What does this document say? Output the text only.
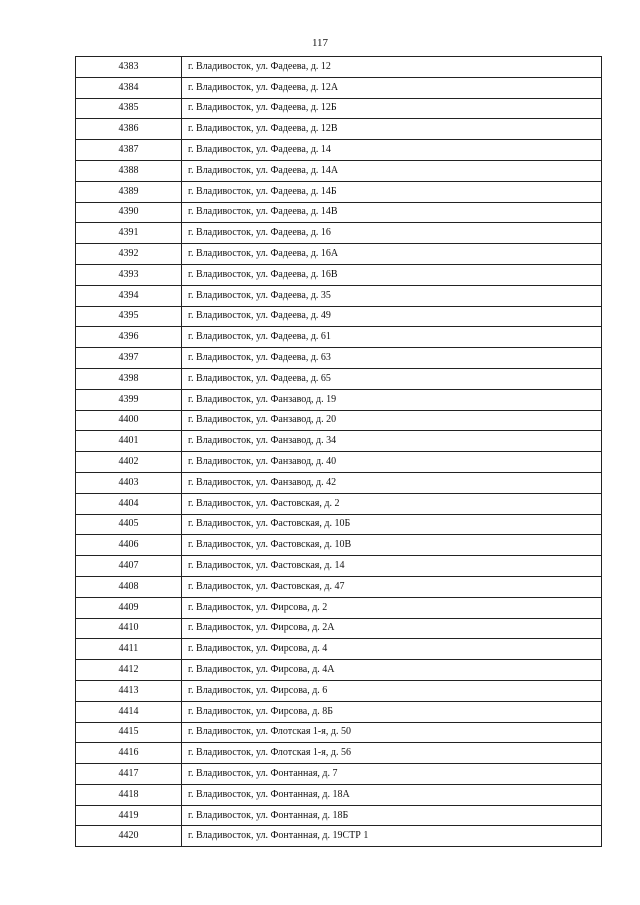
117
4383	г. Владивосток, ул. Фадеева, д. 12
4384	г. Владивосток, ул. Фадеева, д. 12А
4385	г. Владивосток, ул. Фадеева, д. 12Б
4386	г. Владивосток, ул. Фадеева, д. 12В
4387	г. Владивосток, ул. Фадеева, д. 14
4388	г. Владивосток, ул. Фадеева, д. 14А
4389	г. Владивосток, ул. Фадеева, д. 14Б
4390	г. Владивосток, ул. Фадеева, д. 14В
4391	г. Владивосток, ул. Фадеева, д. 16
4392	г. Владивосток, ул. Фадеева, д. 16А
4393	г. Владивосток, ул. Фадеева, д. 16В
4394	г. Владивосток, ул. Фадеева, д. 35
4395	г. Владивосток, ул. Фадеева, д. 49
4396	г. Владивосток, ул. Фадеева, д. 61
4397	г. Владивосток, ул. Фадеева, д. 63
4398	г. Владивосток, ул. Фадеева, д. 65
4399	г. Владивосток, ул. Фанзавод, д. 19
4400	г. Владивосток, ул. Фанзавод, д. 20
4401	г. Владивосток, ул. Фанзавод, д. 34
4402	г. Владивосток, ул. Фанзавод, д. 40
4403	г. Владивосток, ул. Фанзавод, д. 42
4404	г. Владивосток, ул. Фастовская, д. 2
4405	г. Владивосток, ул. Фастовская, д. 10Б
4406	г. Владивосток, ул. Фастовская, д. 10В
4407	г. Владивосток, ул. Фастовская, д. 14
4408	г. Владивосток, ул. Фастовская, д. 47
4409	г. Владивосток, ул. Фирсова, д. 2
4410	г. Владивосток, ул. Фирсова, д. 2А
4411	г. Владивосток, ул. Фирсова, д. 4
4412	г. Владивосток, ул. Фирсова, д. 4А
4413	г. Владивосток, ул. Фирсова, д. 6
4414	г. Владивосток, ул. Фирсова, д. 8Б
4415	г. Владивосток, ул. Флотская 1-я, д. 50
4416	г. Владивосток, ул. Флотская 1-я, д. 56
4417	г. Владивосток, ул. Фонтанная, д. 7
4418	г. Владивосток, ул. Фонтанная, д. 18А
4419	г. Владивосток, ул. Фонтанная, д. 18Б
4420	г. Владивосток, ул. Фонтанная, д. 19СТР 1
